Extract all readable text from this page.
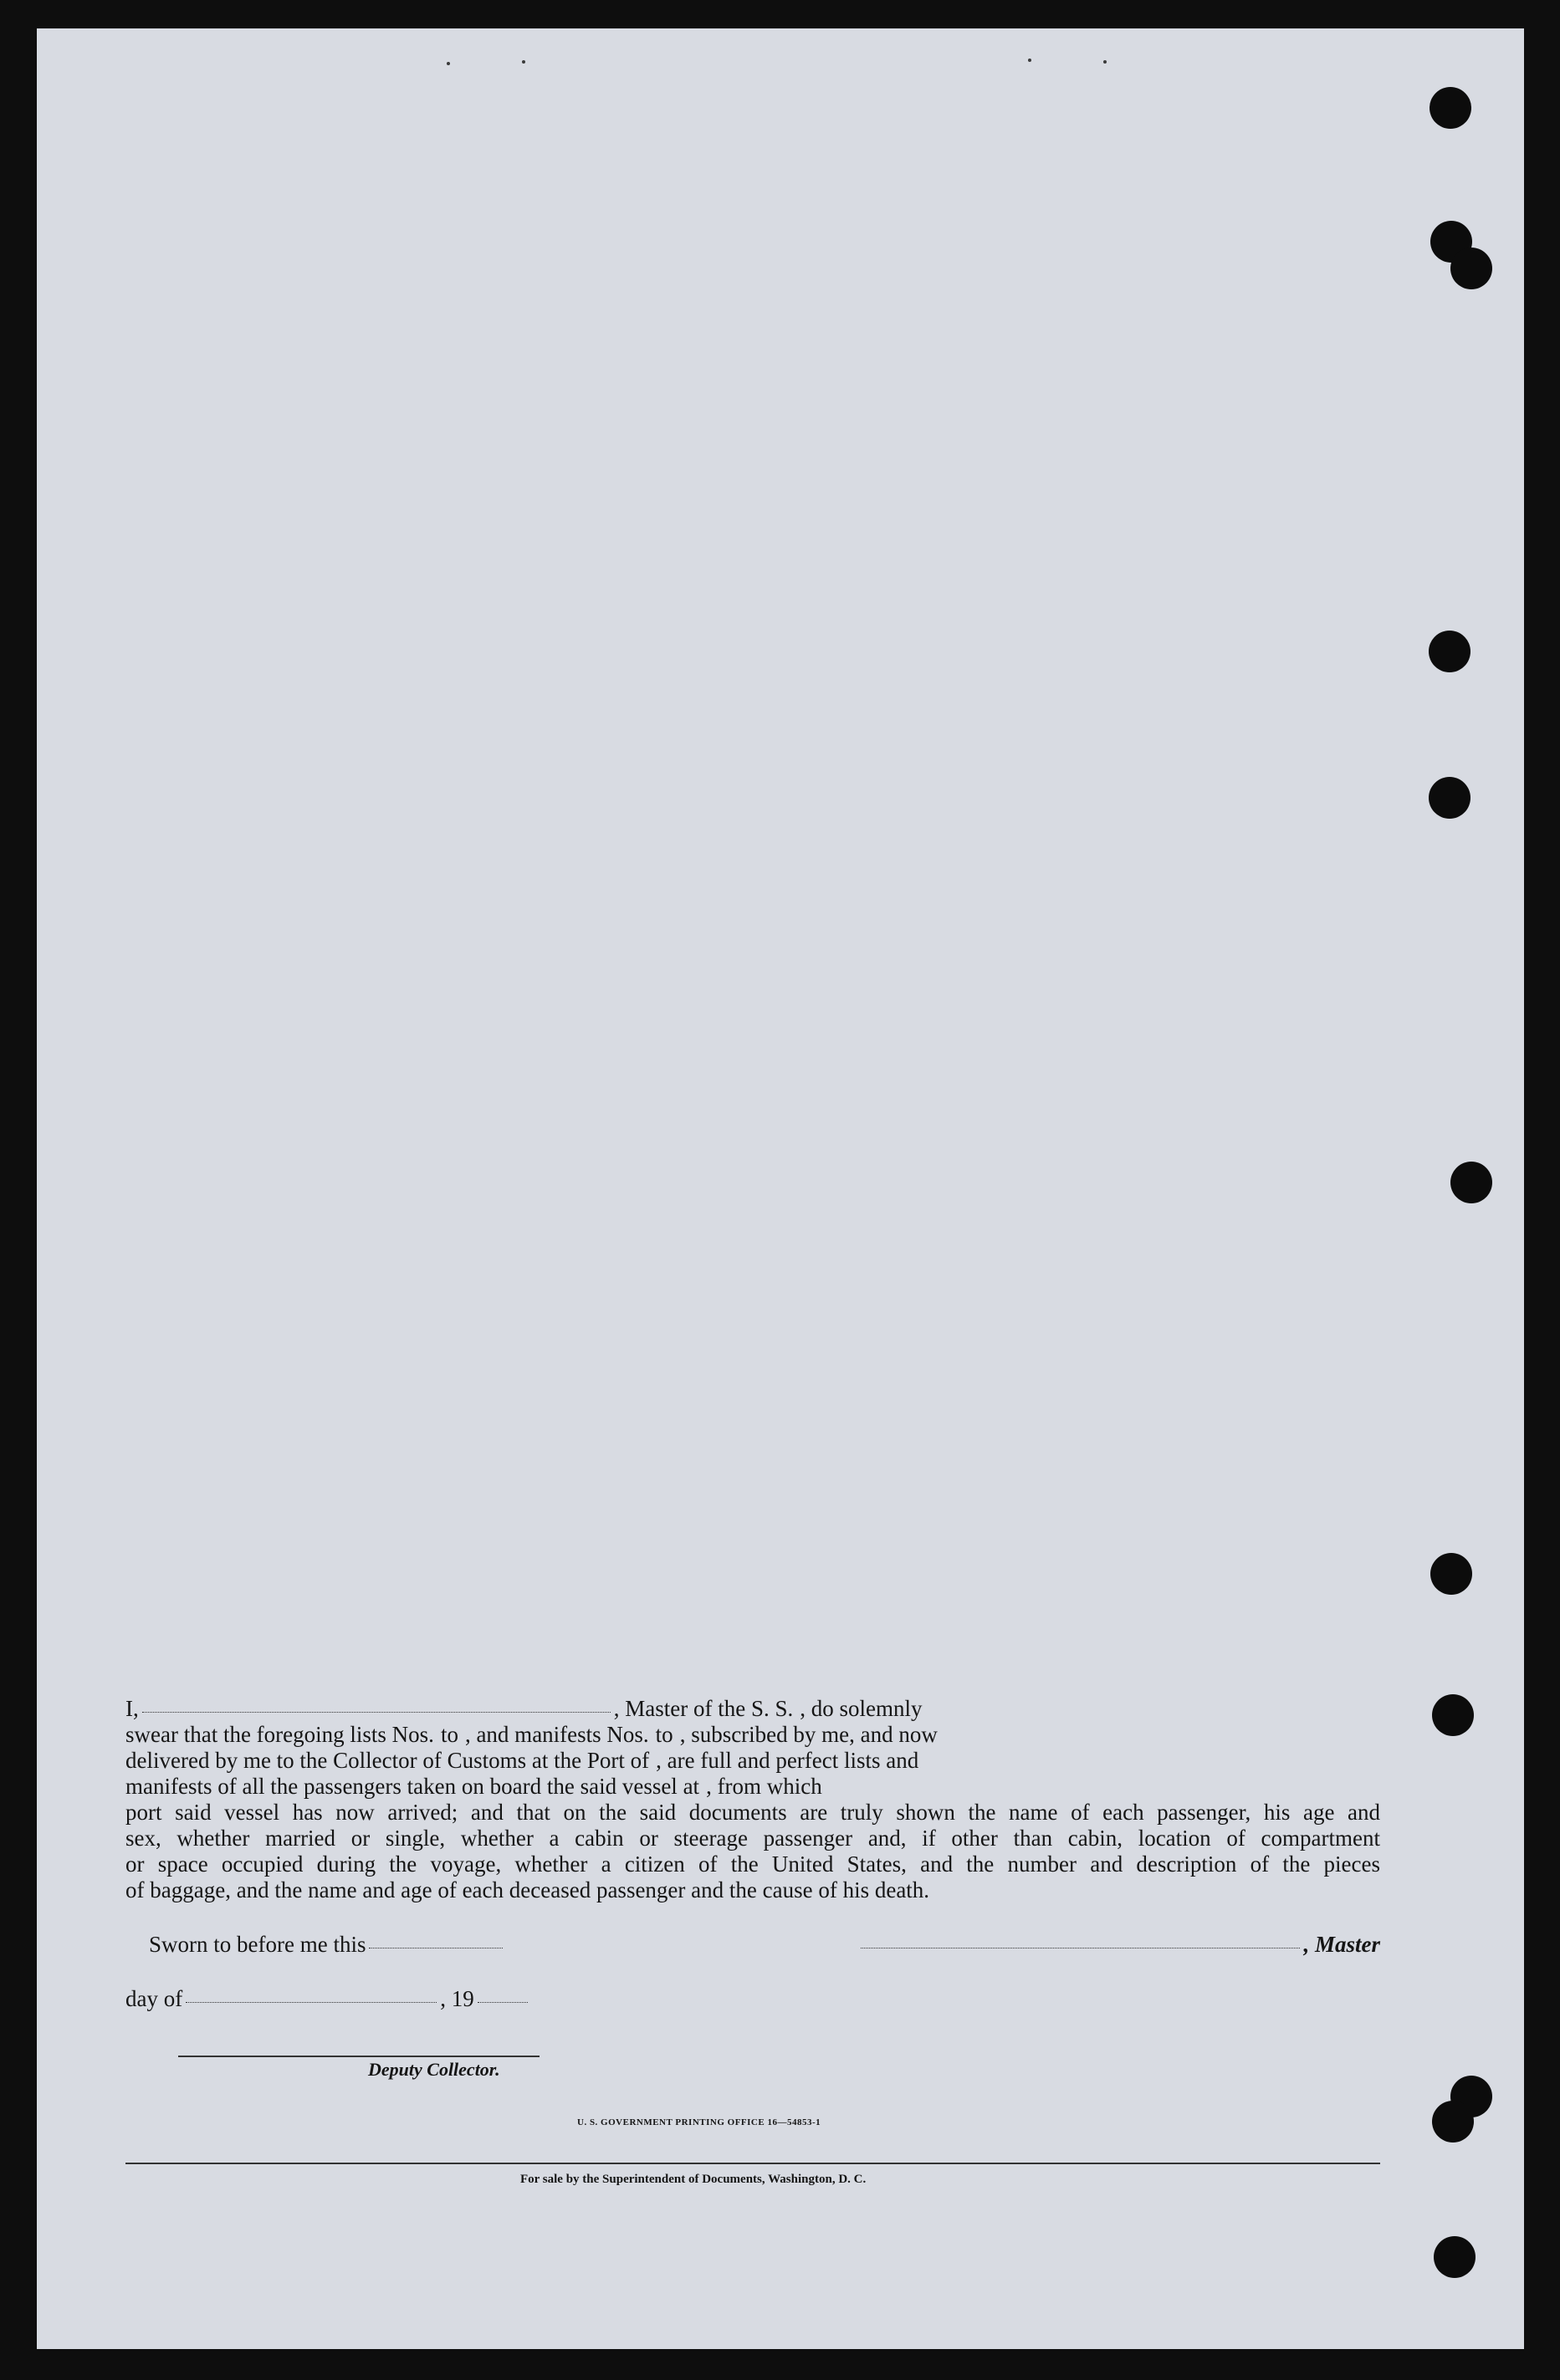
I,	, Master of the S. S. , do solemnly
swear that the foregoing lists Nos. to , and manifests Nos. to , subscribed by me, and now
delivered by me to the Collector of Customs at the Port of , are full and perfect lists and
manifests of all the passengers taken on board the said vessel at , from which
port said vessel has now arrived; and that on the said documents are truly shown the name of each passenger, his age and
sex, whether married or single, whether a cabin or steerage passenger and, if other than cabin, location of compartment
or space occupied during the voyage, whether a citizen of the United States, and the number and description of the pieces
of baggage, and the name and age of each deceased passenger and the cause of his death.
Sworn to before me this	, Master
day of	, 19
Deputy Collector.
U. S. GOVERNMENT PRINTING OFFICE 16—54853-1
For sale by the Superintendent of Documents, Washington, D. C.
